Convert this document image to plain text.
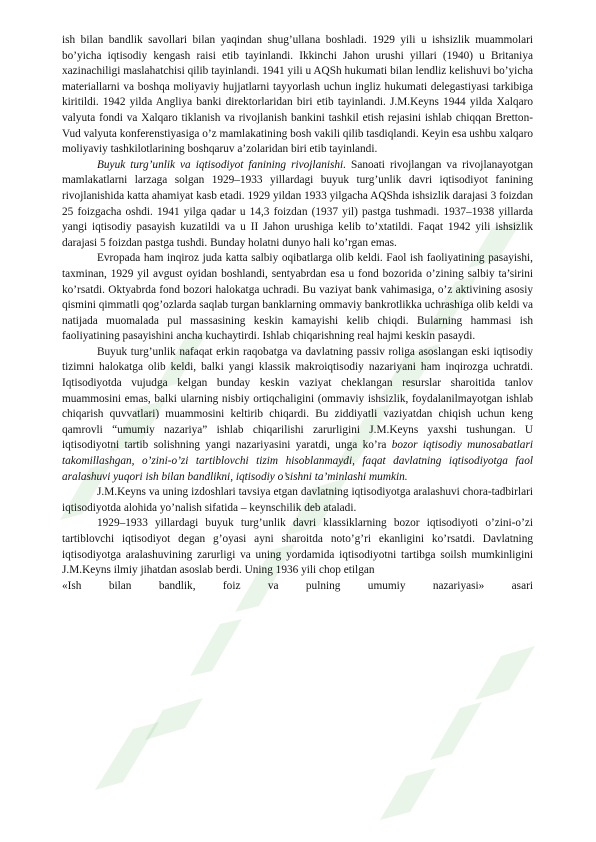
ish bilan bandlik savollari bilan yaqindan shug’ullana boshladi. 1929 yili u ishsizlik muammolari bo’yicha iqtisodiy kengash raisi etib tayinlandi. Ikkinchi Jahon urushi yillari (1940) u Britaniya xazinachiligi maslahatchisi qilib tayinlandi. 1941 yili u AQSh hukumati bilan lendliz kelishuvi bo’yicha materiallarni va boshqa moliyaviy hujjatlarni tayyorlash uchun ingliz hukumati delegastiyasi tarkibiga kiritildi. 1942 yilda Angliya banki direktorlaridan biri etib tayinlandi. J.M.Keyns 1944 yilda Xalqaro valyuta fondi va Xalqaro tiklanish va rivojlanish bankini tashkil etish rejasini ishlab chiqqan Bretton-Vud valyuta konferenstiyasiga o’z mamlakatining bosh vakili qilib tasdiqlandi. Keyin esa ushbu xalqaro moliyaviy tashkilotlarining boshqaruv a’zolaridan biri etib tayinlandi.

Buyuk turg’unlik va iqtisodiyot fanining rivojlanishi. Sanoati rivojlangan va rivojlanayotgan mamlakatlarni larzaga solgan 1929–1933 yillardagi buyuk turg’unlik davri iqtisodiyot fanining rivojlanishida katta ahamiyat kasb etadi. 1929 yildan 1933 yilgacha AQShda ishsizlik darajasi 3 foizdan 25 foizgacha oshdi. 1941 yilga qadar u 14,3 foizdan (1937 yil) pastga tushmadi. 1937–1938 yillarda yangi iqtisodiy pasayish kuzatildi va u II Jahon urushiga kelib to’xtatildi. Faqat 1942 yili ishsizlik darajasi 5 foizdan pastga tushdi. Bunday holatni dunyo hali ko’rgan emas.

Evropada ham inqiroz juda katta salbiy oqibatlarga olib keldi. Faol ish faoliyatining pasayishi, taxminan, 1929 yil avgust oyidan boshlandi, sentyabrdan esa u fond bozorida o’zining salbiy ta’sirini ko’rsatdi. Oktyabrda fond bozori halokatga uchradi. Bu vaziyat bank vahimasiga, o’z aktivining asosiy qismini qimmatli qog’ozlarda saqlab turgan banklarning ommaviy bankrotlikka uchrashiga olib keldi va natijada muomalada pul massasining keskin kamayishi kelib chiqdi. Bularning hammasi ish faoliyatining pasayishini ancha kuchaytirdi. Ishlab chiqarishning real hajmi keskin pasaydi.

Buyuk turg’unlik nafaqat erkin raqobatga va davlatning passiv roliga asoslangan eski iqtisodiy tizimni halokatga olib keldi, balki yangi klassik makroiqtisodiy nazariyani ham inqirozga uchratdi. Iqtisodiyotda vujudga kelgan bunday keskin vaziyat cheklangan resurslar sharoitida tanlov muammosini emas, balki ularning nisbiy ortiqchaligini (ommaviy ishsizlik, foydalanilmayotgan ishlab chiqarish quvvatlari) muammosini keltirib chiqardi. Bu ziddiyatli vaziyatdan chiqish uchun keng qamrovli “umumiy nazariya” ishlab chiqarilishi zarurligini J.M.Keyns yaxshi tushungan. U iqtisodiyotni tartib solishning yangi nazariyasini yaratdi, unga ko’ra bozor iqtisodiy munosabatlari takomillashgan, o’zini-o’zi tartiblovchi tizim hisoblanmaydi, faqat davlatning iqtisodiyotga faol aralashuvi yuqori ish bilan bandlikni, iqtisodiy o’sishni ta’minlashi mumkin.

J.M.Keyns va uning izdoshlari tavsiya etgan davlatning iqtisodiyotga aralashuvi chora-tadbirlari iqtisodiyotda alohida yo’nalish sifatida – keynschilik deb ataladi.

1929–1933 yillardagi buyuk turg’unlik davri klassiklarning bozor iqtisodiyoti o’zini-o’zi tartiblovchi iqtisodiyot degan g’oyasi ayni sharoitda noto’g’ri ekanligini ko’rsatdi. Davlatning iqtisodiyotga aralashuvining zarurligi va uning yordamida iqtisodiyotni tartibga soilsh mumkinligini J.M.Keyns ilmiy jihatdan asoslab berdi. Uning 1936 yili chop etilgan

«Ish bilan bandlik, foiz va pulning umumiy nazariyasi» asari
